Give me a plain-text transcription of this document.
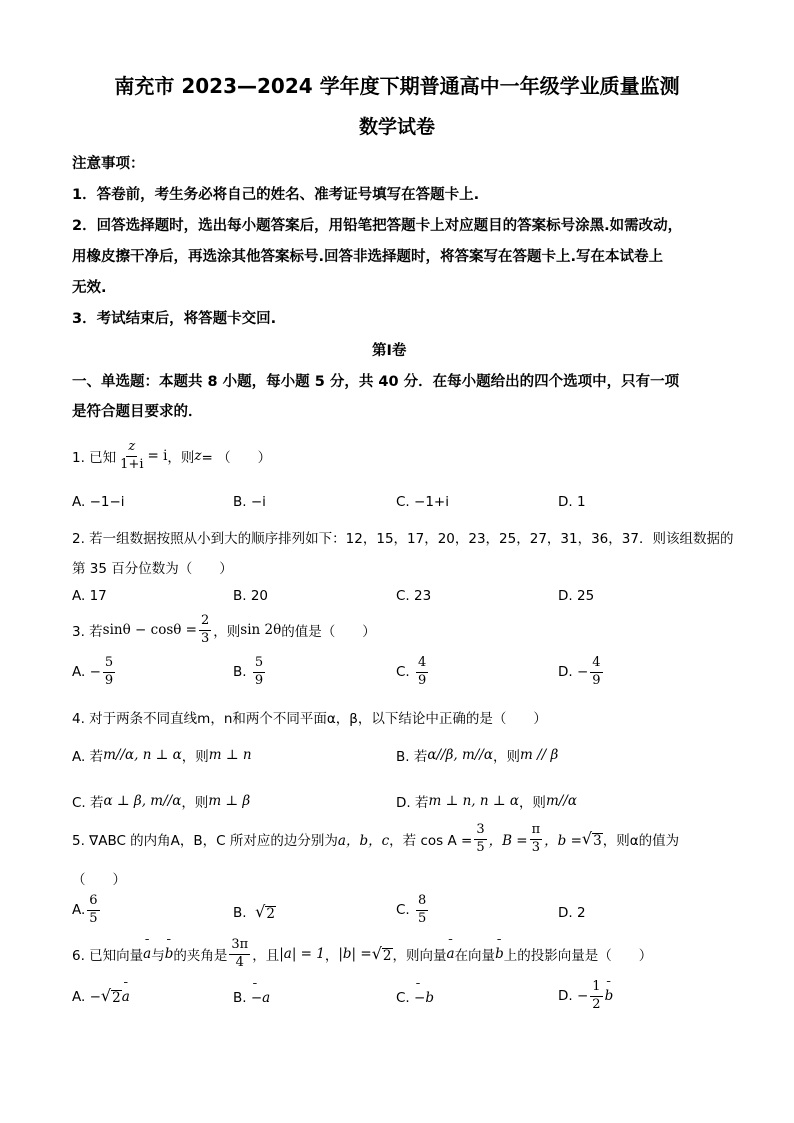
南充市 2023—2024 学年度下期普通高中一年级学业质量监测
数学试卷
注意事项：
1．答卷前，考生务必将自己的姓名、准考证号填写在答题卡上.
2．回答选择题时，选出每小题答案后，用铅笔把答题卡上对应题目的答案标号涂黑.如需改动，
用橡皮擦干净后，再选涂其他答案标号.回答非选择题时，将答案写在答题卡上.写在本试卷上
无效.
3．考试结束后，将答题卡交回.
第Ⅰ卷
一、单选题：本题共 8 小题，每小题 5 分，共 40 分．在每小题给出的四个选项中，只有一项
是符合题目要求的．
1. 已知 $\frac{z}{1+i} = i$ ，则 z = （　　）
A. −1−i	B. −i	C. −1+i	D. 1
2. 若一组数据按照从小到大的顺序排列如下：12，15，17，20，23，25，27，31，36，37．则该组数据的
第 35 百分位数为（　　）
A. 17	B. 20	C. 23	D. 25
3. 若 $\sin\theta - \cos\theta = \frac{2}{3}$ ，则 sin 2θ 的值是（　　）
A.
− $\frac{5}{9}$	B.
$\frac{5}{9}$	C.
$\frac{4}{9}$	D.
− $\frac{4}{9}$
4. 对于两条不同直线m，n和两个不同平面α，β，以下结论中正确的是（　　）
A. 若 m//α, n ⊥ α ，则 m ⊥ n	B. 若 α//β, m//α ，则 m // β
C. 若 α ⊥ β, m//α ，则 m ⊥ β	D. 若 m ⊥ n, n ⊥ α ，则 m//α
5. ∇ABC 的内角A，B，C 所对应的边分别为 a，b，c ，若 $\cos A = \frac{3}{5}$ ，$B = \frac{\pi}{3}$ ，b = √ 3 ，则α的值为
（　　）
A. $\frac{6}{5}$	B.
√ 2	C.
$\frac{8}{5}$	D. 2
6. 已知向量 ¯ a 与 ¯ b 的夹角是 $\frac{3\pi}{4}$ ，且 |a| = 1 ， |b| = √ 2 ，则向量 ¯ a 在向量 ¯ b 上的投影向量是（　　）
A.
− √ 2 ¯ a	B.
¯ −a	C.
¯ −b	D.
− $\frac{1}{2}$ ¯ b
